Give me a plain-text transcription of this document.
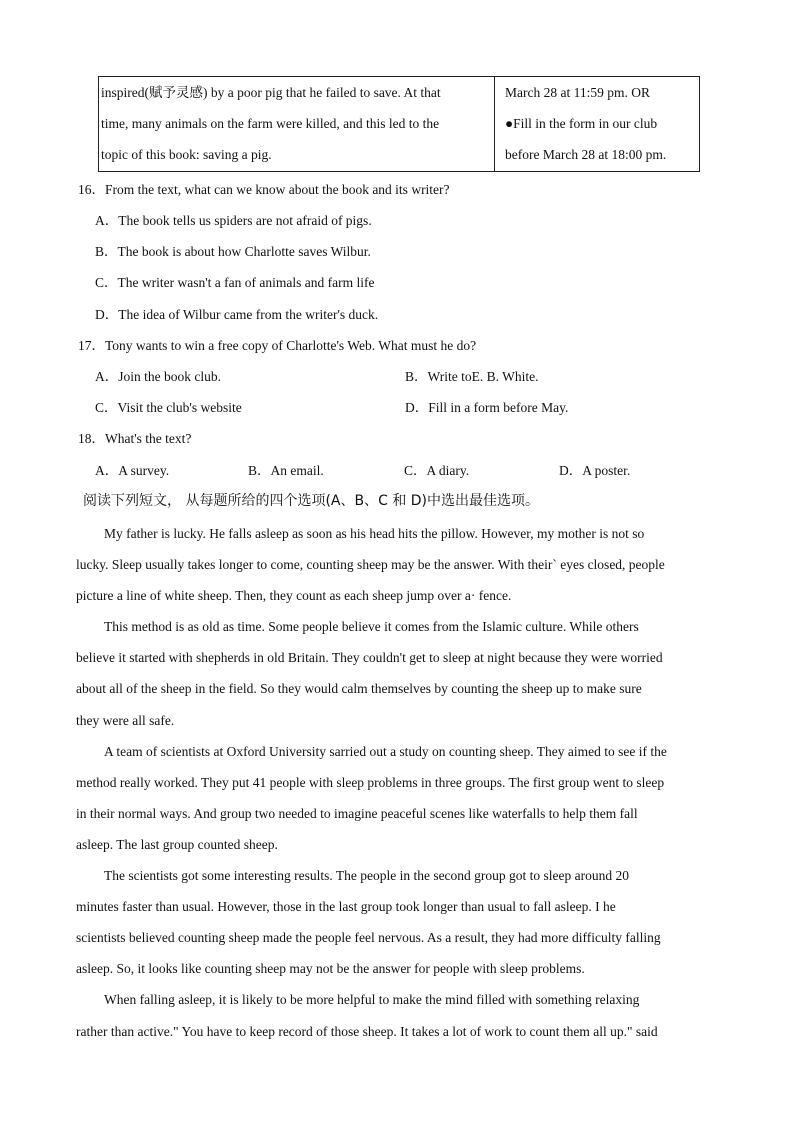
inspired(赋予灵感) by a poor pig that he failed to save. At that
time, many animals on the farm were killed, and this led to the
topic of this book: saving a pig.

March 28 at 11:59 pm. OR
●Fill in the form in our club
before March 28 at 18:00 pm.
16．From the text, what can we know about the book and its writer?
A．The book tells us spiders are not afraid of pigs.
B．The book is about how Charlotte saves Wilbur.
C．The writer wasn't a fan of animals and farm life
D．The idea of Wilbur came from the writer's duck.
17．Tony wants to win a free copy of Charlotte's Web. What must he do?
A．Join the book club.	B．Write toE. B. White.
C．Visit the club's website	D．Fill in a form before May.
18．What's the text?
A．A survey.	B．An email.	C．A diary.	D．A poster.
阅读下列短文， 从每题所给的四个选项(A、B、C 和 D)中选出最佳选项。
My father is lucky. He falls asleep as soon as his head hits the pillow. However, my mother is not so
lucky. Sleep usually takes longer to come, counting sheep may be the answer. With their` eyes closed, people
picture a line of white sheep. Then, they count as each sheep jump over a· fence.
This method is as old as time. Some people believe it comes from the Islamic culture. While others
believe it started with shepherds in old Britain. They couldn't get to sleep at night because they were worried
about all of the sheep in the field. So they would calm themselves by counting the sheep up to make sure
they were all safe.
A team of scientists at Oxford University sarried out a study on counting sheep. They aimed to see if the
method really worked. They put 41 people with sleep problems in three groups. The first group went to sleep
in their normal ways. And group two needed to imagine peaceful scenes like waterfalls to help them fall
asleep. The last group counted sheep.
The scientists got some interesting results. The people in the second group got to sleep around 20
minutes faster than usual. However, those in the last group took longer than usual to fall asleep. I he
scientists believed counting sheep made the people feel nervous. As a result, they had more difficulty falling
asleep. So, it looks like counting sheep may not be the answer for people with sleep problems.
When falling asleep, it is likely to be more helpful to make the mind filled with something relaxing
rather than active." You have to keep record of those sheep. It takes a lot of work to count them all up." said
